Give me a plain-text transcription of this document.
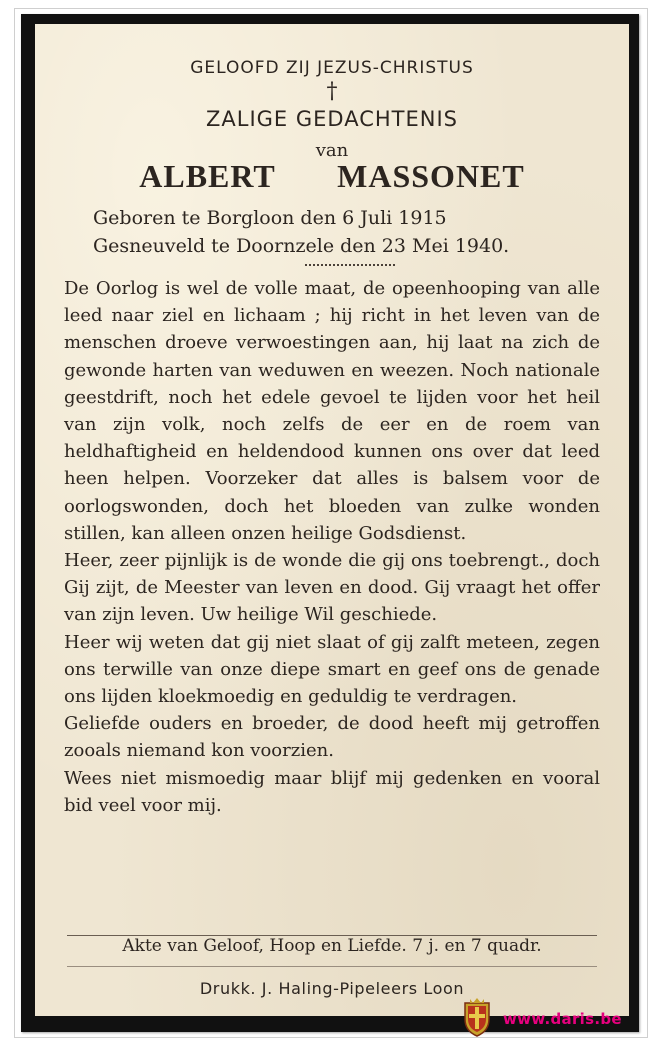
GELOOFD ZIJ JEZUS-CHRISTUS
†
ZALIGE GEDACHTENIS
van
ALBERT  MASSONET
Geboren te Borgloon den 6 Juli 1915
Gesneuveld te Doornzele den 23 Mei 1940.

De Oorlog is wel de volle maat, de opeenhooping van alle leed naar ziel en lichaam ; hij richt in het leven van de menschen droeve verwoestingen aan, hij laat na zich de gewonde harten van weduwen en weezen. Noch nationale geestdrift, noch het edele gevoel te lijden voor het heil van zijn volk, noch zelfs de eer en de roem van heldhaftigheid en heldendood kunnen ons over dat leed heen helpen. Voorzeker dat alles is balsem voor de oorlogswonden, doch het bloeden van zulke wonden stillen, kan alleen onzen heilige Godsdienst.

Heer, zeer pijnlijk is de wonde die gij ons toebrengt., doch Gij zijt, de Meester van leven en dood. Gij vraagt het offer van zijn leven. Uw heilige Wil geschiede.

Heer wij weten dat gij niet slaat of gij zalft meteen, zegen ons terwille van onze diepe smart en geef ons de genade ons lijden kloekmoedig en geduldig te verdragen.

Geliefde ouders en broeder, de dood heeft mij getroffen zooals niemand kon voorzien.

Wees niet mismoedig maar blijf mij gedenken en vooral bid veel voor mij.

Akte van Geloof, Hoop en Liefde. 7 j. en 7 quadr.
Drukk. J. Haling-Pipeleers Loon
www.daris.be
